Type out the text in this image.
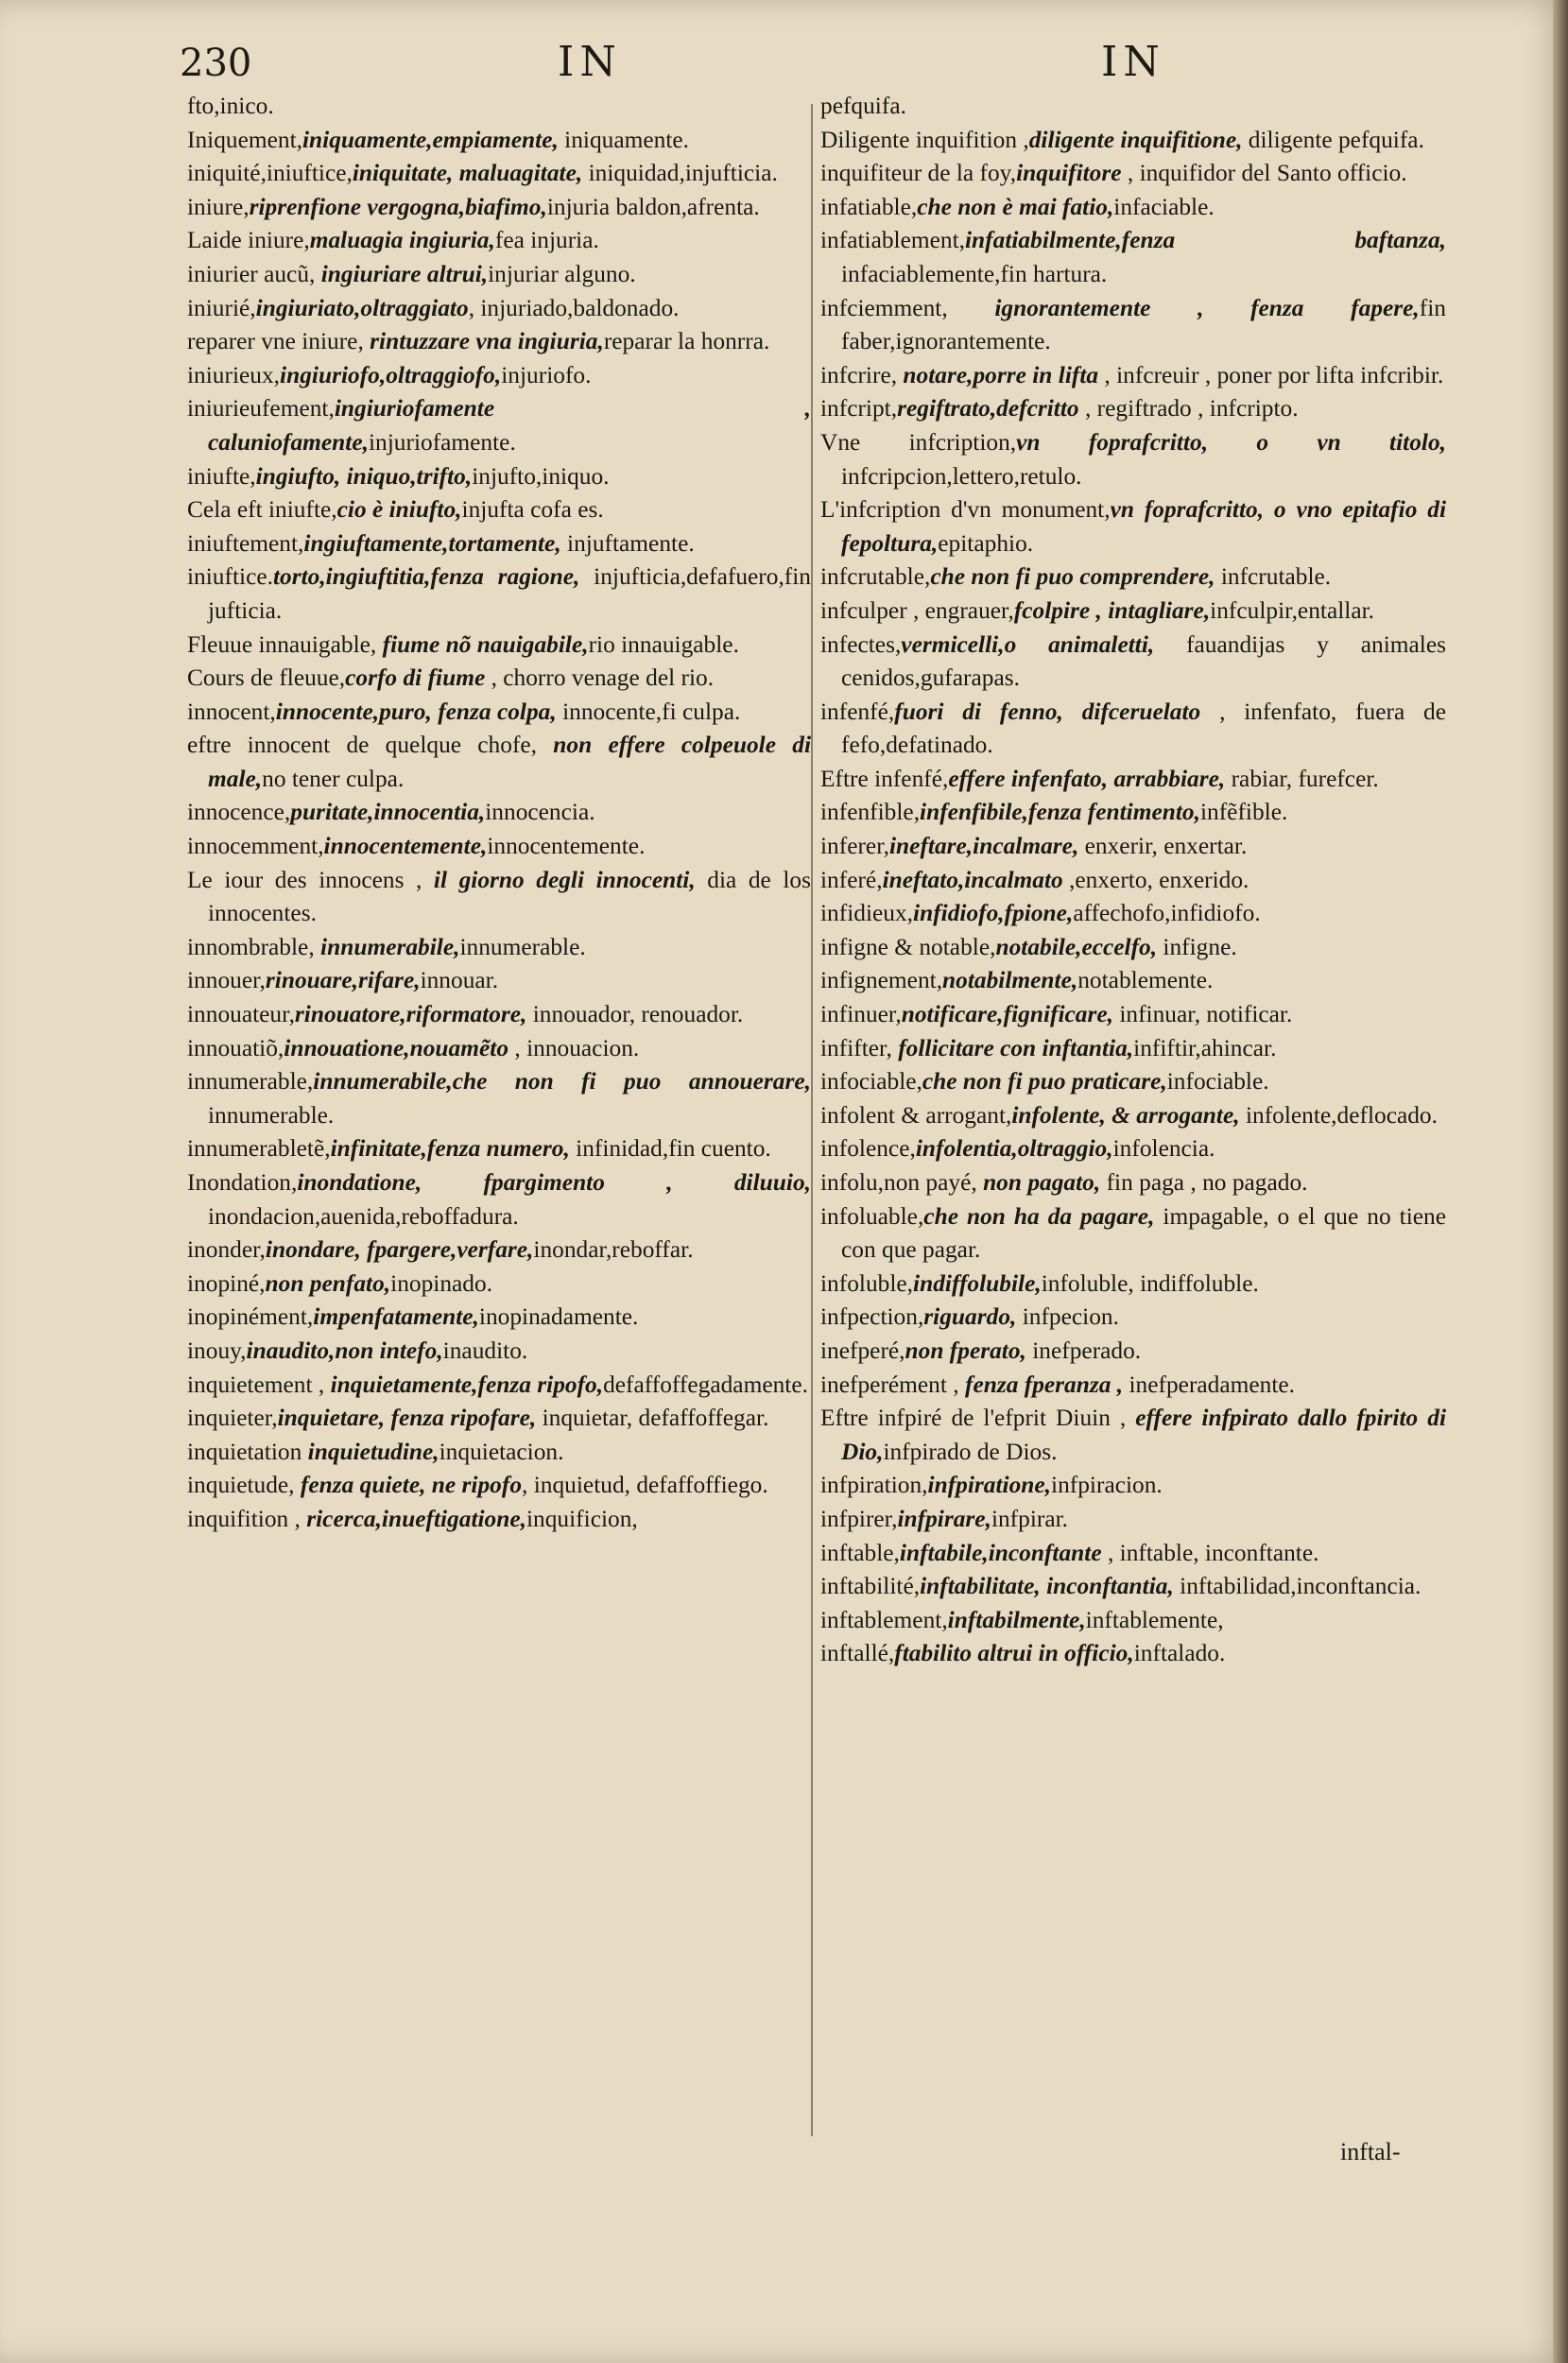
230	IN	IN
fto,inico.
Iniquement,iniquamente,empiamente, iniquamente.
iniquité,iniuftice,iniquitate, maluagitate, iniquidad,injufticia.
iniure,riprenfione vergogna,biafimo,injuria baldon,afrenta.
Laide iniure,maluagia ingiuria,fea injuria.
iniurier aucũ, ingiuriare altrui,injuriar alguno.
iniurié,ingiuriato,oltraggiato, injuriado,baldonado.
reparer vne iniure, rintuzzare vna ingiuria,reparar la honrra.
iniurieux,ingiuriofo,oltraggiofo,injuriofo.
iniurieufement,ingiuriofamente , caluniofamente,injuriofamente.
iniufte,ingiufto, iniquo,trifto,injufto,iniquo.
Cela eft iniufte,cio è iniufto,injufta cofa es.
iniuftement,ingiuftamente,tortamente, injuftamente.
iniuftice.torto,ingiuftitia,fenza ragione, injufticia,defafuero,fin jufticia.
Fleuue innauigable, fiume nõ nauigabile,rio innauigable.
Cours de fleuue,corfo di fiume , chorro venage del rio.
innocent,innocente,puro, fenza colpa, innocente,fi culpa.
eftre innocent de quelque chofe, non effere colpeuole di male,no tener culpa.
innocence,puritate,innocentia,innocencia.
innocemment,innocentemente,innocentemente.
Le iour des innocens , il giorno degli innocenti, dia de los innocentes.
innombrable, innumerabile,innumerable.
innouer,rinouare,rifare,innouar.
innouateur,rinouatore,riformatore, innouador, renouador.
innouatiõ,innouatione,nouamẽto , innouacion.
innumerable,innumerabile,che non fi puo annouerare, innumerable.
innumerabletẽ,infinitate,fenza numero, infinidad,fin cuento.
Inondation,inondatione, fpargimento , diluuio, inondacion,auenida,reboffadura.
inonder,inondare, fpargere,verfare,inondar,reboffar.
inopiné,non penfato,inopinado.
inopinément,impenfatamente,inopinadamente.
inouy,inaudito,non intefo,inaudito.
inquietement , inquietamente,fenza ripofo,defaffoffegadamente.
inquieter,inquietare, fenza ripofare, inquietar, defaffoffegar.
inquietation inquietudine,inquietacion.
inquietude, fenza quiete, ne ripofo, inquietud, defaffoffiego.
inquifition , ricerca,inueftigatione,inquificion,
pefquifa.
Diligente inquifition ,diligente inquifitione, diligente pefquifa.
inquifiteur de la foy,inquifitore , inquifidor del Santo officio.
infatiable,che non è mai fatio,infaciable.
infatiablement,infatiabilmente,fenza baftanza, infaciablemente,fin hartura.
infciemment, ignorantemente , fenza fapere,fin faber,ignorantemente.
infcrire, notare,porre in lifta , infcreuir , poner por lifta infcribir.
infcript,regiftrato,defcritto , regiftrado , infcripto.
Vne infcription,vn foprafcritto, o vn titolo, infcripcion,lettero,retulo.
L'infcription d'vn monument,vn foprafcritto, o vno epitafio di fepoltura,epitaphio.
infcrutable,che non fi puo comprendere, infcrutable.
infculper , engrauer,fcolpire , intagliare,infculpir,entallar.
infectes,vermicelli,o animaletti, fauandijas y animales cenidos,gufarapas.
infenfé,fuori di fenno, difceruelato , infenfato, fuera de fefo,defatinado.
Eftre infenfé,effere infenfato, arrabbiare, rabiar, furefcer.
infenfible,infenfibile,fenza fentimento,infẽfible.
inferer,ineftare,incalmare, enxerir, enxertar.
inferé,ineftato,incalmato ,enxerto, enxerido.
infidieux,infidiofo,fpione,affechofo,infidiofo.
infigne & notable,notabile,eccelfo, infigne.
infignement,notabilmente,notablemente.
infinuer,notificare,fignificare, infinuar, notificar.
infifter, follicitare con inftantia,infiftir,ahincar.
infociable,che non fi puo praticare,infociable.
infolent & arrogant,infolente, & arrogante, infolente,deflocado.
infolence,infolentia,oltraggio,infolencia.
infolu,non payé, non pagato, fin paga , no pagado.
infoluable,che non ha da pagare, impagable, o el que no tiene con que pagar.
infoluble,indiffolubile,infoluble, indiffoluble.
infpection,riguardo, infpecion.
inefperé,non fperato, inefperado.
inefperément , fenza fperanza , inefperadamente.
Eftre infpiré de l'efprit Diuin , effere infpirato dallo fpirito di Dio,infpirado de Dios.
infpiration,infpiratione,infpiracion.
infpirer,infpirare,infpirar.
inftable,inftabile,inconftante , inftable, inconftante.
inftabilité,inftabilitate, inconftantia, inftabilidad,inconftancia.
inftablement,inftabilmente,inftablemente,
inftallé,ftabilito altrui in officio,inftalado.
inftal-
